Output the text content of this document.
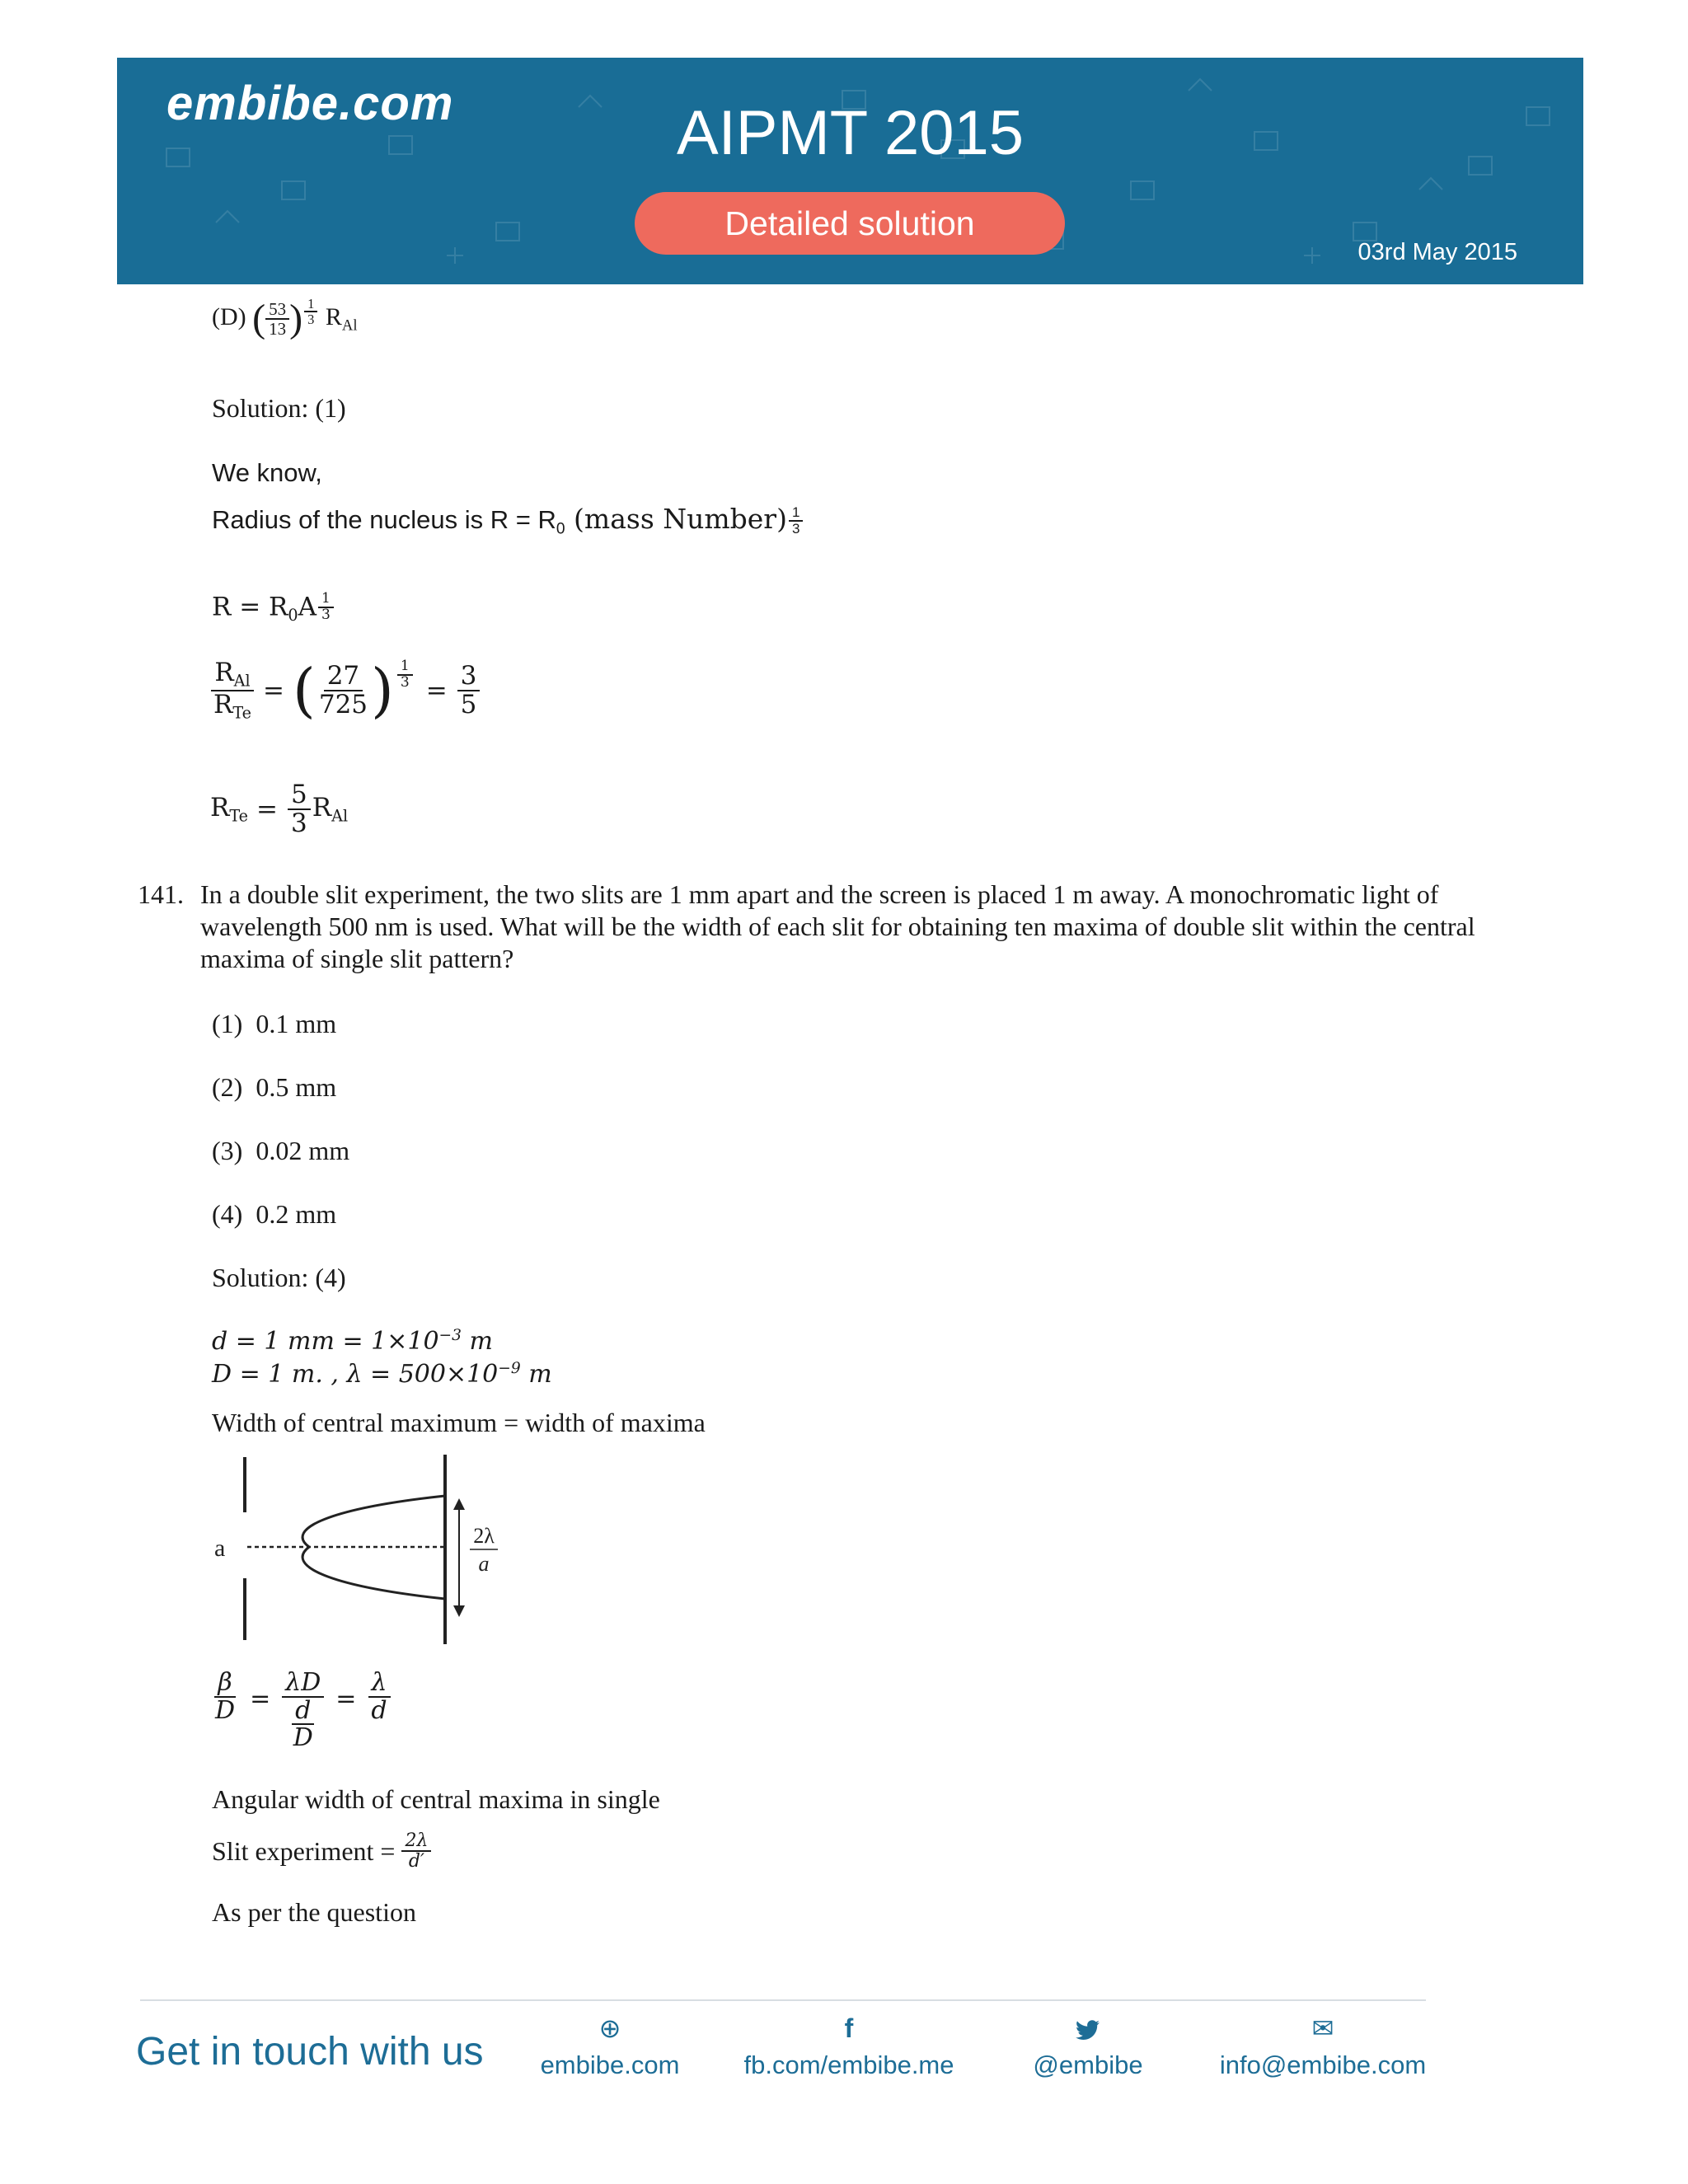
embibe.com	AIPMT 2015
Detailed solution
03rd May 2015
(D) ( $\frac{53}{13}$ ) $\frac{1}{3} R_{Al}$
Solution: (1)
We know,
Radius of the nucleus is $R = R_0$ (mass Number) $\frac{1}{3}$
$R = R_0A \frac{1}{3}$
$\frac{R_{Al}}{R_{Te}}$ = ( $\frac{27}{725}$ ) $\frac{1}{3}$
= $\frac{3}{5}$
$R_{Te} = \frac{5}{3} R_{Al}$
141. In a double slit experiment, the two slits are 1 mm apart and the screen is placed 1 m away. A monochromatic light of wavelength 500 nm is used. What will be the width of each slit for obtaining ten maxima of double slit within the central maxima of single slit pattern?
(1) 0.1 mm
(2) 0.5 mm
(3) 0.02 mm
(4) 0.2 mm
Solution: (4)
d = 1 mm = $1\times 10^{-3}$ m
D = 1 m. , $\lambda = 500\times 10^{-9}$ m
Width of central maximum = width of maxima
a	2λ
a
$\frac{\beta}{D} = \frac{\lambda D}{\frac{d}{D}} = \frac{\lambda}{d}$
Angular width of central maxima in single
Slit experiment = $\frac{2\lambda}{d'}$
As per the question
Get in touch with us
⊕
embibe.com
f
fb.com/embibe.me	@embibe
✉
info@embibe.com
